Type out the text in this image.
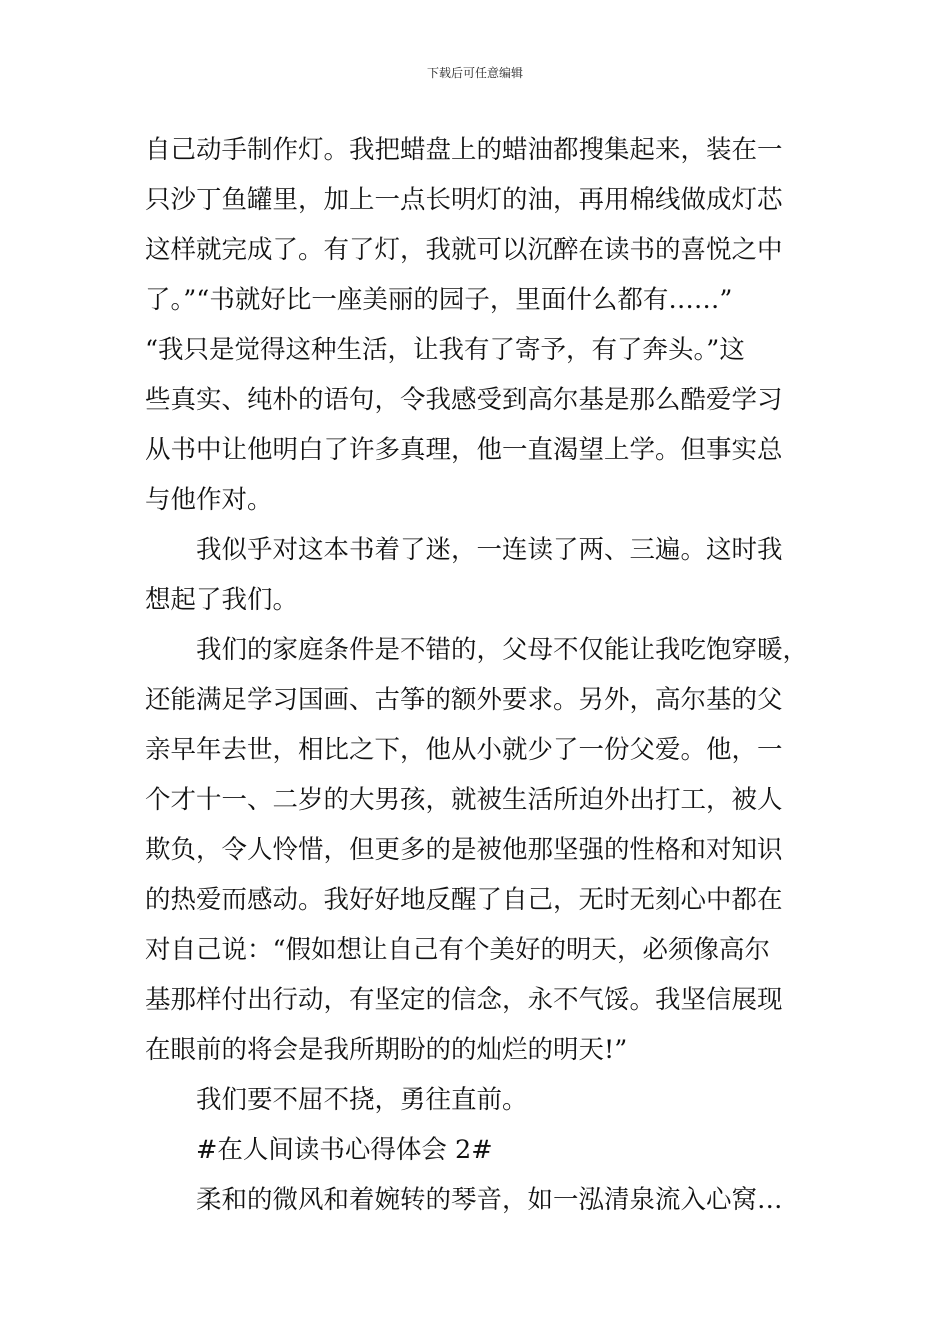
下载后可任意编辑
自己动手制作灯。我把蜡盘上的蜡油都搜集起来，装在一
只沙丁鱼罐里，加上一点长明灯的油，再用棉线做成灯芯
这样就完成了。有了灯，我就可以沉醉在读书的喜悦之中
了。”“书就好比一座美丽的园子，里面什么都有……”
“我只是觉得这种生活，让我有了寄予，有了奔头。”这
些真实、纯朴的语句，令我感受到高尔基是那么酷爱学习
从书中让他明白了许多真理，他一直渴望上学。但事实总
与他作对。
我似乎对这本书着了迷，一连读了两、三遍。这时我
想起了我们。
我们的家庭条件是不错的，父母不仅能让我吃饱穿暖，
还能满足学习国画、古筝的额外要求。另外，高尔基的父
亲早年去世，相比之下，他从小就少了一份父爱。他，一
个才十一、二岁的大男孩，就被生活所迫外出打工，被人
欺负，令人怜惜，但更多的是被他那坚强的性格和对知识
的热爱而感动。我好好地反醒了自己，无时无刻心中都在
对自己说：“假如想让自己有个美好的明天，必须像高尔
基那样付出行动，有坚定的信念，永不气馁。我坚信展现
在眼前的将会是我所期盼的的灿烂的明天!”
我们要不屈不挠，勇往直前。
#在人间读书心得体会 2#
柔和的微风和着婉转的琴音，如一泓清泉流入心窝…
